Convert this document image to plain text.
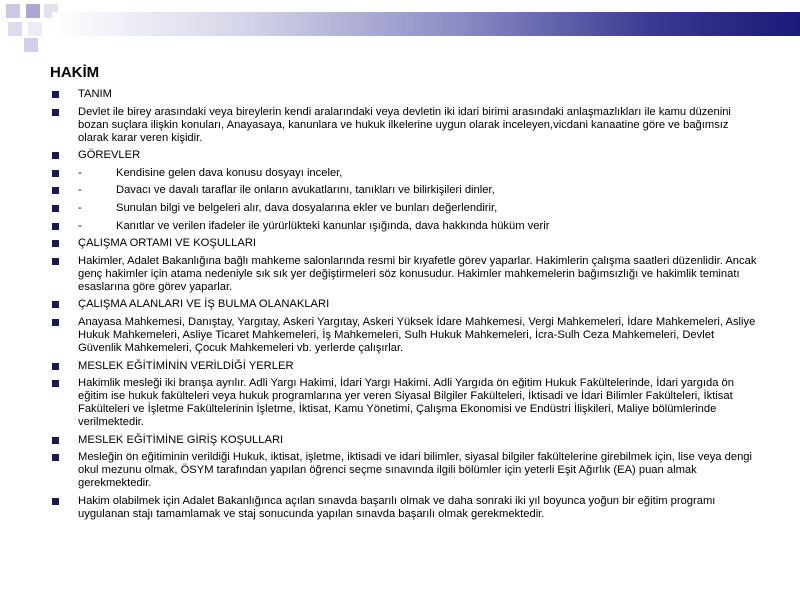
HAKİM
TANIM
Devlet ile birey arasındaki veya bireylerin kendi aralarındaki veya devletin iki idari birimi arasındaki anlaşmazlıkları ile kamu düzenini bozan suçlara ilişkin konuları, Anayasaya, kanunlara ve hukuk ilkelerine uygun olarak inceleyen,vicdani kanaatine göre ve bağımsız olarak karar veren kişidir.
GÖREVLER
-	Kendisine gelen dava konusu dosyayı inceler,
-	Davacı ve davalı taraflar ile onların avukatlarını, tanıkları ve bilirkişileri dinler,
-	Sunulan bilgi ve belgeleri alır, dava dosyalarına ekler ve bunları değerlendirir,
-	Kanıtlar ve verilen ifadeler ile yürürlükteki kanunlar ışığında, dava hakkında hüküm verir
ÇALIŞMA ORTAMI VE KOŞULLARI
Hakimler, Adalet Bakanlığına bağlı mahkeme salonlarında resmi bir kıyafetle görev yaparlar. Hakimlerin çalışma saatleri düzenlidir. Ancak genç hakimler için atama nedeniyle sık sık yer değiştirmeleri söz konusudur. Hakimler mahkemelerin bağımsızlığı ve hakimlik teminatı esaslarına göre görev yaparlar.
ÇALIŞMA ALANLARI VE İŞ BULMA OLANAKLARI
Anayasa Mahkemesi, Danıştay, Yargıtay, Askeri Yargıtay, Askeri Yüksek İdare Mahkemesi, Vergi Mahkemeleri, İdare Mahkemeleri, Asliye Hukuk Mahkemeleri, Asliye Ticaret Mahkemeleri, İş Mahkemeleri, Sulh Hukuk Mahkemeleri, İcra-Sulh Ceza Mahkemeleri, Devlet Güvenlik Mahkemeleri, Çocuk Mahkemeleri vb. yerlerde çalışırlar.
MESLEK EĞİTİMİNİN VERİLDİĞİ YERLER
Hakimlik mesleği iki branşa ayrılır. Adli Yargı Hakimi, İdari Yargı Hakimi. Adli Yargıda ön eğitim Hukuk Fakültelerinde, İdari yargıda ön eğitim ise hukuk fakülteleri veya hukuk programlarına yer veren Siyasal Bilgiler Fakülteleri, İktisadi ve İdari Bilimler Fakülteleri, İktisat Fakülteleri ve İşletme Fakültelerinin İşletme, İktisat, Kamu Yönetimi, Çalışma Ekonomisi ve Endüstri İlişkileri, Maliye bölümlerinde verilmektedir.
MESLEK EĞİTİMİNE GİRİŞ KOŞULLARI
Mesleğin ön eğitiminin verildiği Hukuk, iktisat, işletme, iktisadi ve idari bilimler, siyasal bilgiler fakültelerine girebilmek için, lise veya dengi okul mezunu olmak, ÖSYM tarafından yapılan öğrenci seçme sınavında ilgili bölümler için yeterli Eşit Ağırlık (EA) puan almak gerekmektedir.
Hakim olabilmek için Adalet Bakanlığınca açılan sınavda başarılı olmak ve daha sonraki iki yıl boyunca yoğun bir eğitim programı uygulanan stajı tamamlamak ve staj sonucunda yapılan sınavda başarılı olmak gerekmektedir.
